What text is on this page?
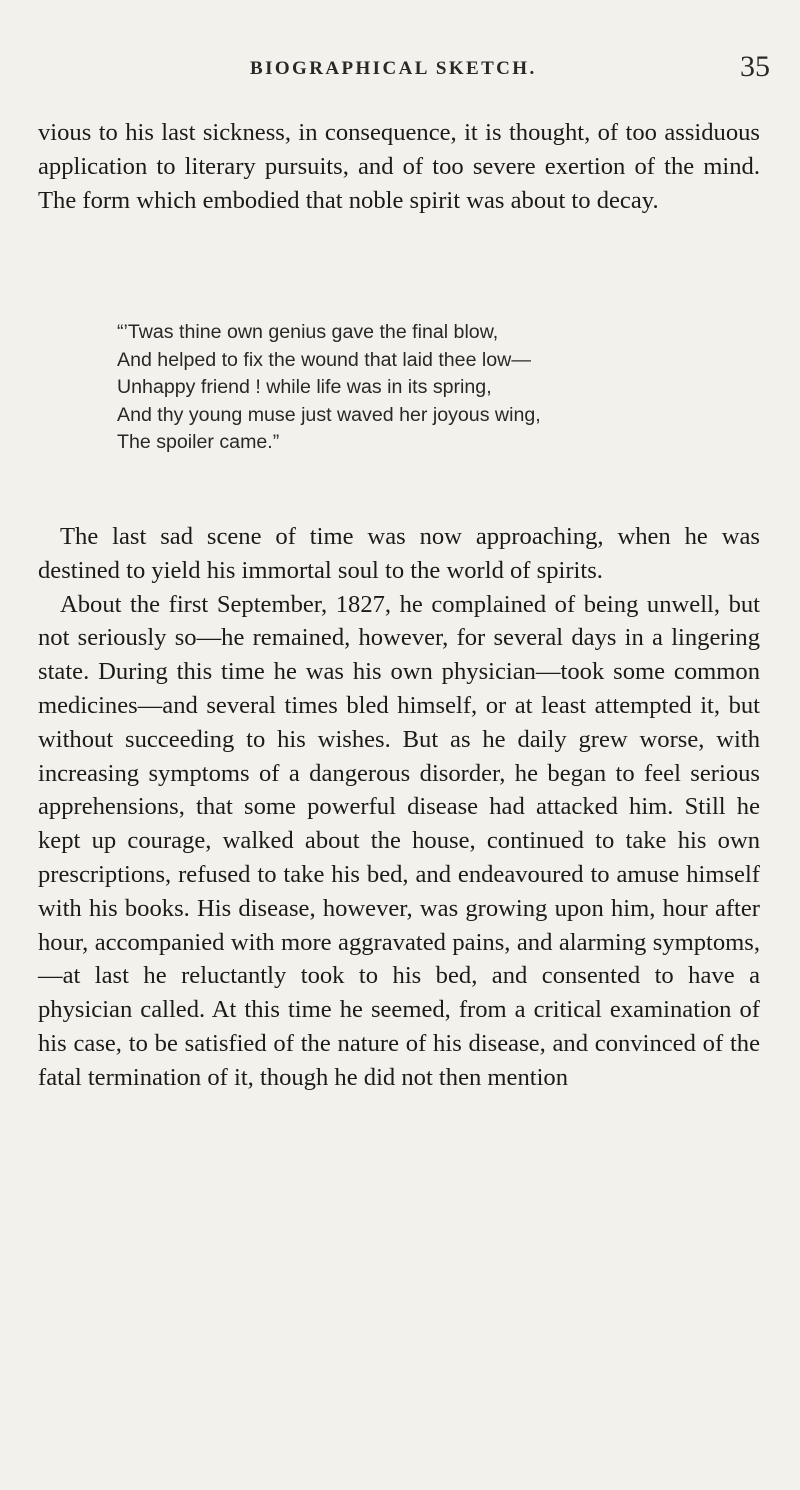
BIOGRAPHICAL SKETCH.	35

vious to his last sickness, in consequence, it is thought, of too assiduous application to literary pursuits, and of too severe exertion of the mind. The form which embodied that noble spirit was about to decay.

“’Twas thine own genius gave the final blow,
And helped to fix the wound that laid thee low—
Unhappy friend ! while life was in its spring,
And thy young muse just waved her joyous wing,
The spoiler came.”

The last sad scene of time was now approaching, when he was destined to yield his immortal soul to the world of spirits.

About the first September, 1827, he complained of being unwell, but not seriously so—he remained, however, for several days in a lingering state. During this time he was his own physician—took some common medicines—and several times bled himself, or at least attempted it, but without succeeding to his wishes. But as he daily grew worse, with increasing symptoms of a dangerous disorder, he began to feel serious apprehensions, that some powerful disease had attacked him. Still he kept up courage, walked about the house, continued to take his own prescriptions, refused to take his bed, and endeavoured to amuse himself with his books. His disease, however, was growing upon him, hour after hour, accompanied with more aggravated pains, and alarming symptoms,—at last he reluctantly took to his bed, and consented to have a physician called. At this time he seemed, from a critical examination of his case, to be satisfied of the nature of his disease, and convinced of the fatal termination of it, though he did not then mention
